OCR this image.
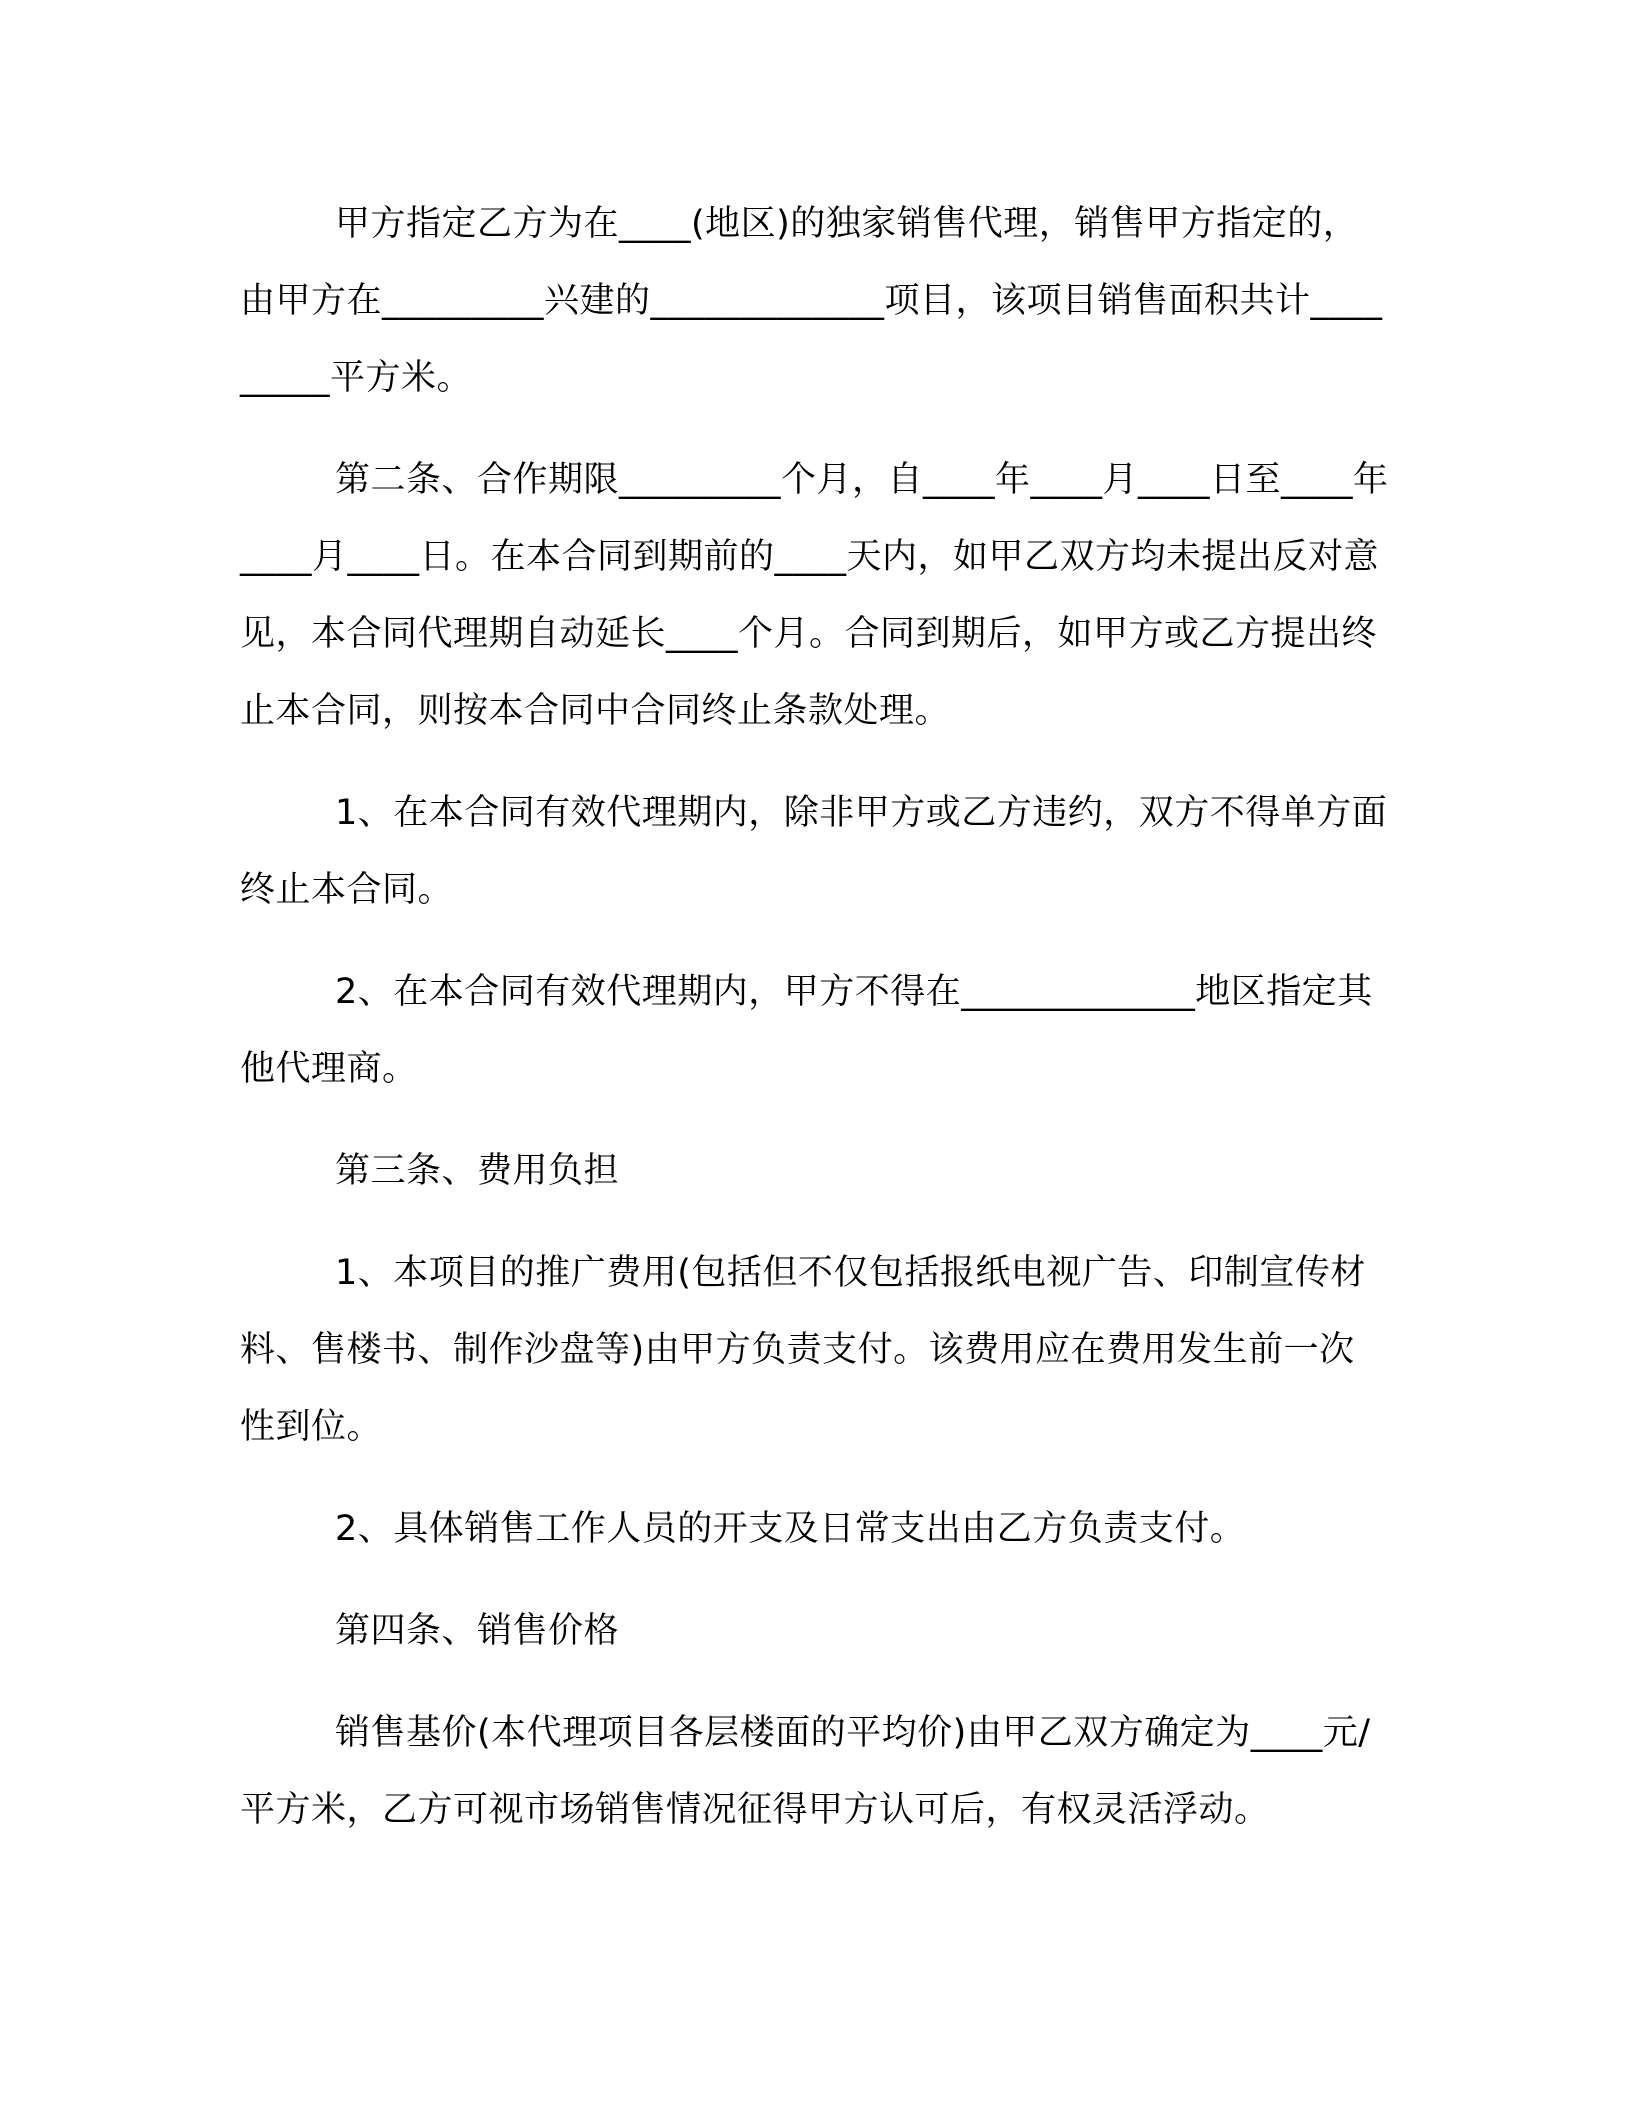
甲方指定乙方为在____(地区)的独家销售代理，销售甲方指定的，由甲方在_________兴建的_____________项目，该项目销售面积共计_________平方米。

第二条、合作期限_________个月，自____年____月____日至____年____月____日。在本合同到期前的____天内，如甲乙双方均未提出反对意见，本合同代理期自动延长____个月。合同到期后，如甲方或乙方提出终止本合同，则按本合同中合同终止条款处理。

1、在本合同有效代理期内，除非甲方或乙方违约，双方不得单方面终止本合同。

2、在本合同有效代理期内，甲方不得在_____________地区指定其他代理商。

第三条、费用负担

1、本项目的推广费用(包括但不仅包括报纸电视广告、印制宣传材料、售楼书、制作沙盘等)由甲方负责支付。该费用应在费用发生前一次性到位。

2、具体销售工作人员的开支及日常支出由乙方负责支付。

第四条、销售价格

销售基价(本代理项目各层楼面的平均价)由甲乙双方确定为____元/平方米，乙方可视市场销售情况征得甲方认可后，有权灵活浮动。
